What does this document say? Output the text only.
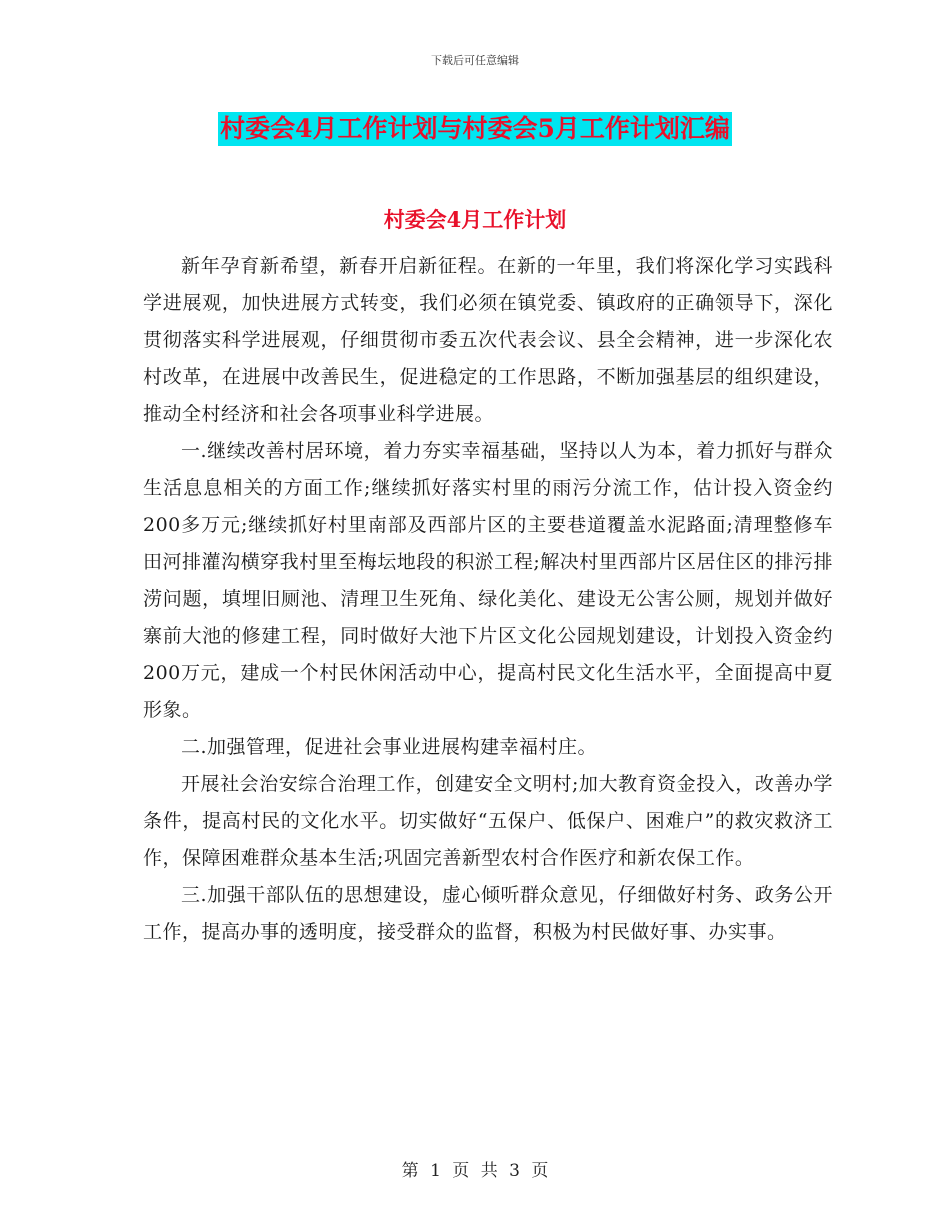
下载后可任意编辑
村委会4月工作计划与村委会5月工作计划汇编
村委会4月工作计划

新年孕育新希望，新春开启新征程。在新的一年里，我们将深化学习实践科学进展观，加快进展方式转变，我们必须在镇党委、镇政府的正确领导下，深化贯彻落实科学进展观，仔细贯彻市委五次代表会议、县全会精神，进一步深化农村改革，在进展中改善民生，促进稳定的工作思路，不断加强基层的组织建设，推动全村经济和社会各项事业科学进展。

一.继续改善村居环境，着力夯实幸福基础，坚持以人为本，着力抓好与群众生活息息相关的方面工作;继续抓好落实村里的雨污分流工作，估计投入资金约200多万元;继续抓好村里南部及西部片区的主要巷道覆盖水泥路面;清理整修车田河排灌沟横穿我村里至梅坛地段的积淤工程;解决村里西部片区居住区的排污排涝问题，填埋旧厕池、清理卫生死角、绿化美化、建设无公害公厕，规划并做好寨前大池的修建工程，同时做好大池下片区文化公园规划建设，计划投入资金约200万元，建成一个村民休闲活动中心，提高村民文化生活水平，全面提高中夏形象。

二.加强管理，促进社会事业进展构建幸福村庄。

开展社会治安综合治理工作，创建安全文明村;加大教育资金投入，改善办学条件，提高村民的文化水平。切实做好“五保户、低保户、困难户”的救灾救济工作，保障困难群众基本生活;巩固完善新型农村合作医疗和新农保工作。

三.加强干部队伍的思想建设，虚心倾听群众意见，仔细做好村务、政务公开工作，提高办事的透明度，接受群众的监督，积极为村民做好事、办实事。

第 1 页 共 3 页
